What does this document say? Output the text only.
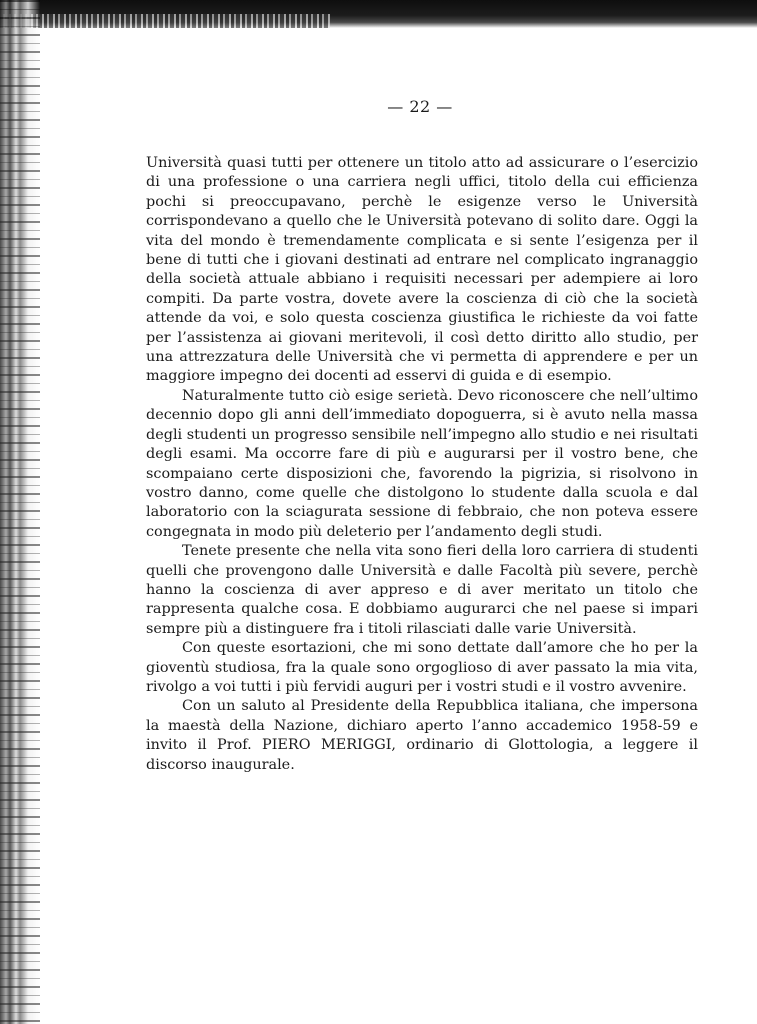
— 22 —

Università quasi tutti per ottenere un titolo atto ad assicurare o l’esercizio di una professione o una carriera negli uffici, titolo della cui efficienza pochi si preoccupavano, perchè le esigenze verso le Università corrispondevano a quello che le Università potevano di solito dare. Oggi la vita del mondo è tremendamente complicata e si sente l’esigenza per il bene di tutti che i giovani destinati ad entrare nel complicato ingranaggio della società attuale abbiano i requisiti necessari per adempiere ai loro compiti. Da parte vostra, dovete avere la coscienza di ciò che la società attende da voi, e solo questa coscienza giustifica le richieste da voi fatte per l’assistenza ai giovani meritevoli, il così detto diritto allo studio, per una attrezzatura delle Università che vi permetta di apprendere e per un maggiore impegno dei docenti ad esservi di guida e di esempio.

Naturalmente tutto ciò esige serietà. Devo riconoscere che nell’ultimo decennio dopo gli anni dell’immediato dopoguerra, si è avuto nella massa degli studenti un progresso sensibile nell’impegno allo studio e nei risultati degli esami. Ma occorre fare di più e augurarsi per il vostro bene, che scompaiano certe disposizioni che, favorendo la pigrizia, si risolvono in vostro danno, come quelle che distolgono lo studente dalla scuola e dal laboratorio con la sciagurata sessione di febbraio, che non poteva essere congegnata in modo più deleterio per l’andamento degli studi.

Tenete presente che nella vita sono fieri della loro carriera di studenti quelli che provengono dalle Università e dalle Facoltà più severe, perchè hanno la coscienza di aver appreso e di aver meritato un titolo che rappresenta qualche cosa. E dobbiamo augurarci che nel paese si impari sempre più a distinguere fra i titoli rilasciati dalle varie Università.

Con queste esortazioni, che mi sono dettate dall’amore che ho per la gioventù studiosa, fra la quale sono orgoglioso di aver passato la mia vita, rivolgo a voi tutti i più fervidi auguri per i vostri studi e il vostro avvenire.

Con un saluto al Presidente della Repubblica italiana, che impersona la maestà della Nazione, dichiaro aperto l’anno accademico 1958-59 e invito il Prof. PIERO MERIGGI, ordinario di Glottologia, a leggere il discorso inaugurale.
